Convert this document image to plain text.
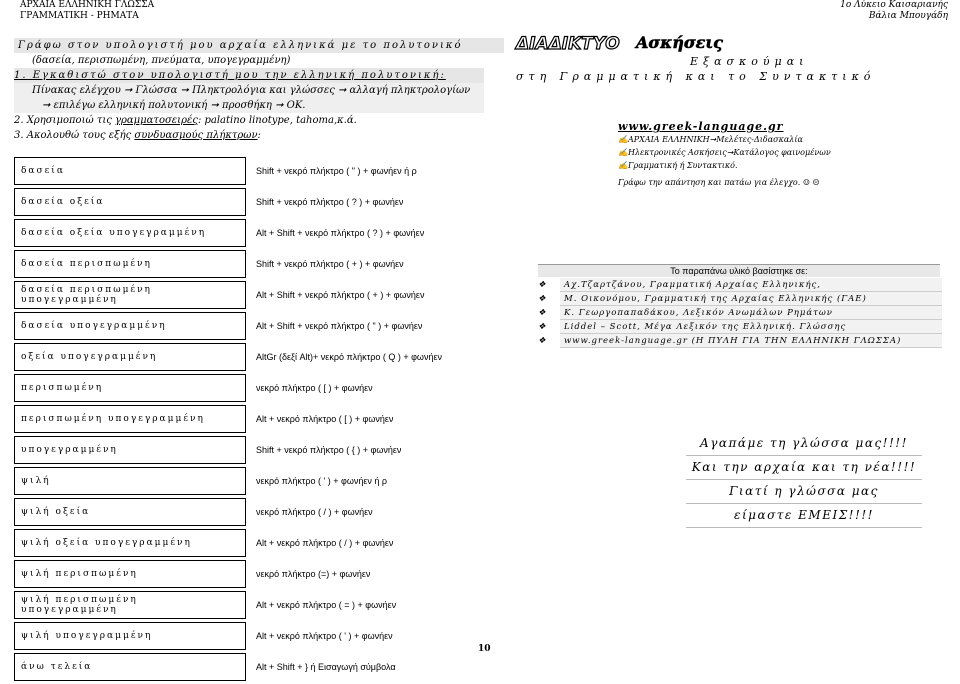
ΑΡΧΑΙΑ ΕΛΛΗΝΙΚΗ ΓΛΩΣΣΑ
ΓΡΑΜΜΑΤΙΚΗ - ΡΗΜΑΤΑ
1ο Λύκειο Καισαριανής
Βάλια Μπουγάδη
Γράφω στον υπολογιστή μου αρχαία ελληνικά με το πολυτονικό
(δασεία, περισπωμένη, πνεύματα, υπογεγραμμένη)
1. Εγκαθιστώ στον υπολογιστή μου την ελληνική πολυτονική:
Πίνακας ελέγχου ➞ Γλώσσα ➞ Πληκτρολόγια και γλώσσες ➞ αλλαγή πληκτρολογίων
➞ επιλέγω ελληνική πολυτονική ➞ προσθήκη ➞ OK.
2. Χρησιμοποιώ τις γραμματοσειρές: palatino linotype, tahoma,κ.ά.
3. Ακολουθώ τους εξής συνδυασμούς πλήκτρων:
δασεία	Shift + νεκρό πλήκτρο ( " ) + φωνήεν ή ρ
δασεία οξεία	Shift + νεκρό πλήκτρο ( ? ) + φωνήεν
δασεία οξεία υπογεγραμμένη	Alt + Shift + νεκρό πλήκτρο ( ? ) + φωνήεν
δασεία περισπωμένη	Shift + νεκρό πλήκτρο ( + ) + φωνήεν
δασεία περισπωμένη υπογεγραμμένη	Alt + Shift + νεκρό πλήκτρο ( + ) + φωνήεν
δασεία υπογεγραμμένη	Alt + Shift + νεκρό πλήκτρο ( " ) + φωνήεν
οξεία υπογεγραμμένη	AltGr (δεξί Alt)+ νεκρό πλήκτρο ( Q ) + φωνήεν
περισπωμένη	νεκρό πλήκτρο ( [ ) + φωνήεν
περισπωμένη υπογεγραμμένη	Alt + νεκρό πλήκτρο ( [ ) + φωνήεν
υπογεγραμμένη	Shift + νεκρό πλήκτρο ( { ) + φωνήεν
ψιλή	νεκρό πλήκτρο ( ' ) + φωνήεν ή ρ
ψιλή οξεία	νεκρό πλήκτρο ( / ) + φωνήεν
ψιλή οξεία υπογεγραμμένη	Alt + νεκρό πλήκτρο ( / ) + φωνήεν
ψιλή περισπωμένη	νεκρό πλήκτρο (=) + φωνήεν
ψιλή περισπωμένη υπογεγραμμένη	Alt + νεκρό πλήκτρο ( = ) + φωνήεν
ψιλή υπογεγραμμένη	Alt + νεκρό πλήκτρο ( ' ) + φωνήεν
άνω τελεία	Alt + Shift + } ή Εισαγωγή σύμβολα
ΔΙΑΔΙΚΤΥΟ Ασκήσεις
Εξασκούμαι
στη Γραμματική και το Συντακτικό
www.greek-language.gr
✍ΑΡΧΑΙΑ ΕΛΛΗΝΙΚΗ➞Μελέτες-Διδασκαλία
✍Ηλεκτρονικές Ασκήσεις➞Κατάλογος φαινομένων
✍Γραμματική ή Συντακτικό.
Γράφω την απάντηση και πατάω για έλεγχο. ☺ ☹
Το παραπάνω υλικό βασίστηκε σε:
❖	Αχ.Τζαρτζάνου, Γραμματική Αρχαίας Ελληνικής,
❖	Μ. Οικονόμου, Γραμματική της Αρχαίας Ελληνικής (ΓΑΕ)
❖	Κ. Γεωργοπαπαδάκου, Λεξικόν Ανωμάλων Ρημάτων
❖	Liddel – Scott, Μέγα Λεξικόν της Ελληνική. Γλώσσης
❖	www.greek-language.gr (Η ΠΥΛΗ ΓΙΑ ΤΗΝ ΕΛΛΗΝΙΚΗ ΓΛΩΣΣΑ)
Αγαπάμε τη γλώσσα μας!!!!
Και την αρχαία και τη νέα!!!!
Γιατί η γλώσσα μας
είμαστε ΕΜΕΙΣ!!!!
10
